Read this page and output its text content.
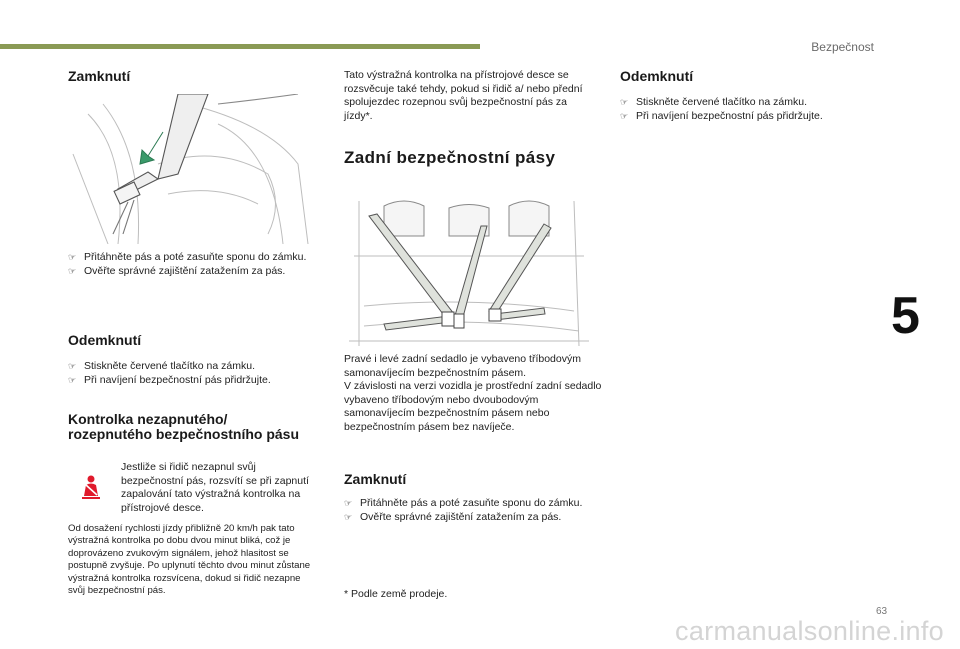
Bezpečnost
5
63
carmanualsonline.info
Zamknutí
☞ Přitáhněte pás a poté zasuňte sponu do zámku.
☞ Ověřte správné zajištění zatažením za pás.
Odemknutí
☞ Stiskněte červené tlačítko na zámku.
☞ Při navíjení bezpečnostní pás přidržujte.
Kontrolka nezapnutého/ rozepnutého bezpečnostního pásu
Jestliže si řidič nezapnul svůj bezpečnostní pás, rozsvítí se při zapnutí zapalování tato výstražná kontrolka na přístrojové desce.
Od dosažení rychlosti jízdy přibližně 20 km/h pak tato výstražná kontrolka po dobu dvou minut bliká, což je doprovázeno zvukovým signálem, jehož hlasitost se postupně zvyšuje. Po uplynutí těchto dvou minut zůstane výstražná kontrolka rozsvícena, dokud si řidič nezapne svůj bezpečnostní pás.
Tato výstražná kontrolka na přístrojové desce se rozsvěcuje také tehdy, pokud si řidič a/ nebo přední spolujezdec rozepnou svůj bezpečnostní pás za jízdy*.
Zadní bezpečnostní pásy

Pravé i levé zadní sedadlo je vybaveno tříbodovým samonavíjecím bezpečnostním pásem.

V závislosti na verzi vozidla je prostřední zadní sedadlo vybaveno tříbodovým nebo dvoubodovým samonavíjecím bezpečnostním pásem nebo bezpečnostním pásem bez navíječe.

Zamknutí
☞ Přitáhněte pás a poté zasuňte sponu do zámku.
☞ Ověřte správné zajištění zatažením za pás.
* Podle země prodeje.
Odemknutí
☞ Stiskněte červené tlačítko na zámku.
☞ Při navíjení bezpečnostní pás přidržujte.
